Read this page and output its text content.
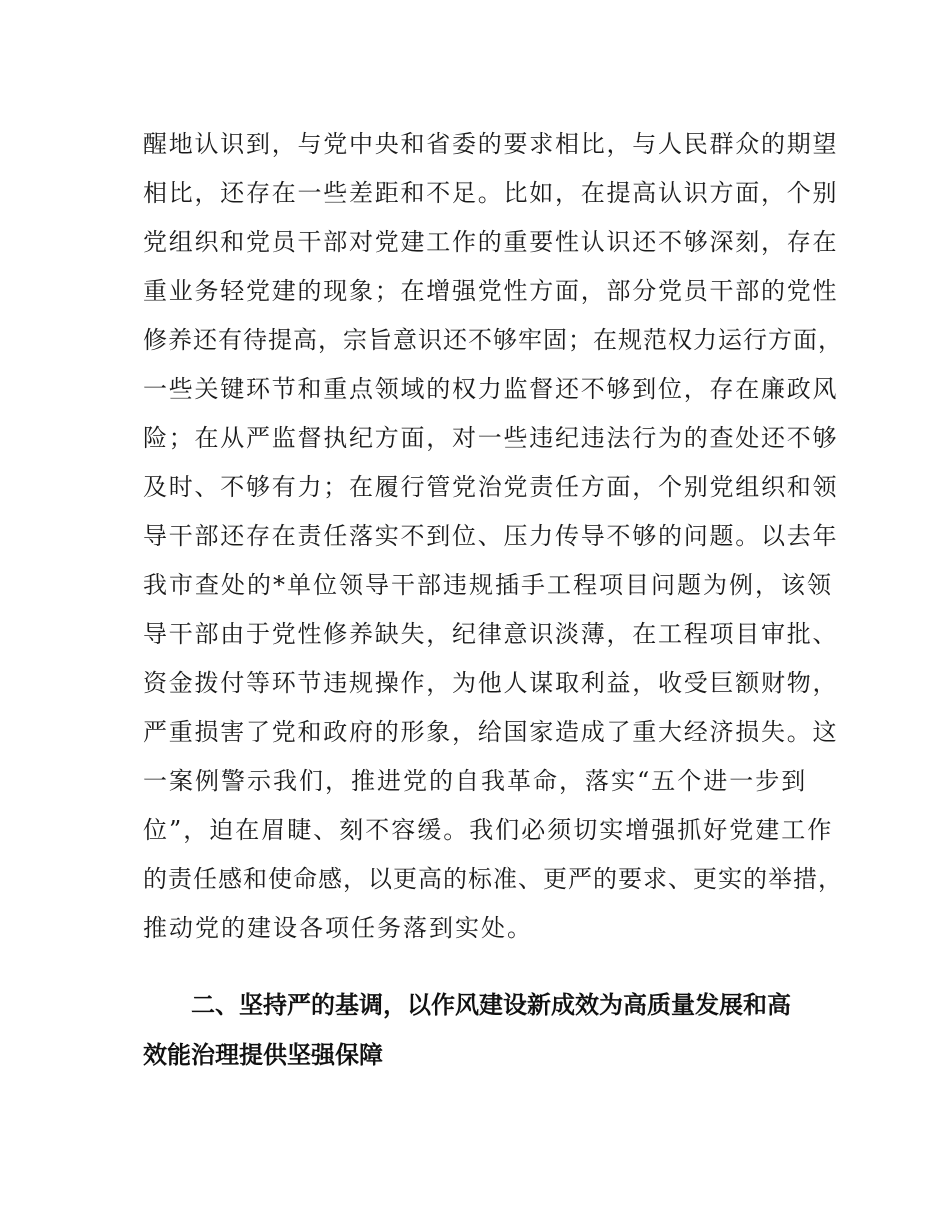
醒地认识到，与党中央和省委的要求相比，与人民群众的期望
相比，还存在一些差距和不足。比如，在提高认识方面，个别
党组织和党员干部对党建工作的重要性认识还不够深刻，存在
重业务轻党建的现象；在增强党性方面，部分党员干部的党性
修养还有待提高，宗旨意识还不够牢固；在规范权力运行方面，
一些关键环节和重点领域的权力监督还不够到位，存在廉政风
险；在从严监督执纪方面，对一些违纪违法行为的查处还不够
及时、不够有力；在履行管党治党责任方面，个别党组织和领
导干部还存在责任落实不到位、压力传导不够的问题。以去年
我市查处的*单位领导干部违规插手工程项目问题为例，该领
导干部由于党性修养缺失，纪律意识淡薄，在工程项目审批、
资金拨付等环节违规操作，为他人谋取利益，收受巨额财物，
严重损害了党和政府的形象，给国家造成了重大经济损失。这
一案例警示我们，推进党的自我革命，落实“五个进一步到
位”，迫在眉睫、刻不容缓。我们必须切实增强抓好党建工作
的责任感和使命感，以更高的标准、更严的要求、更实的举措，
推动党的建设各项任务落到实处。
二、坚持严的基调，以作风建设新成效为高质量发展和高
效能治理提供坚强保障
